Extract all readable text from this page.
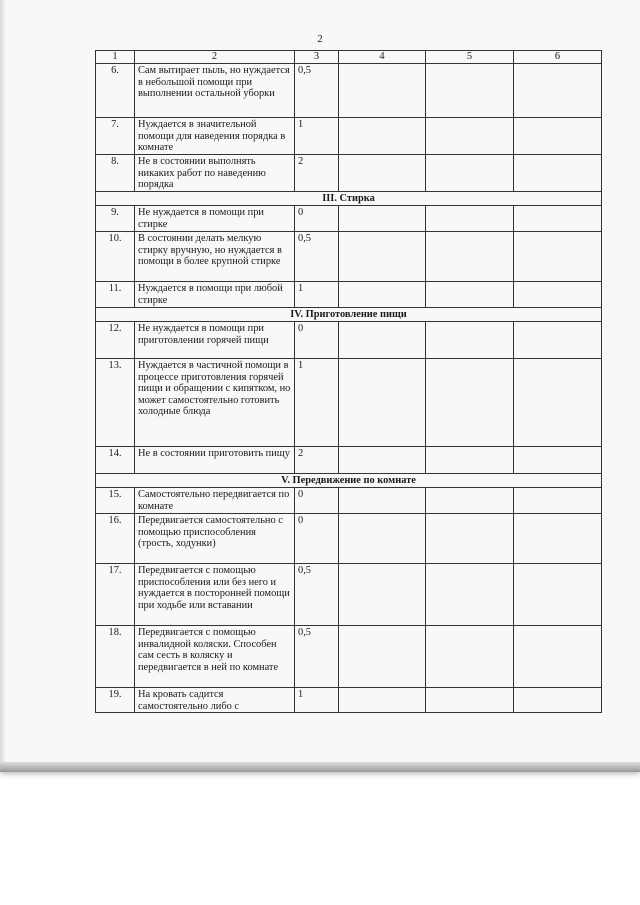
2
1	2	3	4	5	6
6.	Сам вытирает пыль, но нуждается в небольшой помощи при выполнении остальной уборки	0,5			
7.	Нуждается в значительной помощи для наведения порядка в комнате	1			
8.	Не в состоянии выполнять никаких работ по наведению порядка	2			
III. Стирка					
9.	Не нуждается в помощи при стирке	0			
10.	В состоянии делать мелкую стирку вручную, но нуждается в помощи в более крупной стирке	0,5			
11.	Нуждается в помощи при любой стирке	1			
IV. Приготовление пищи					
12.	Не нуждается в помощи при приготовлении горячей пищи	0			
13.	Нуждается в частичной помощи в процессе приготовления горячей пищи и обращении с кипятком, но может самостоятельно готовить холодные блюда	1			
14.	Не в состоянии приготовить пищу	2			
V. Передвижение по комнате					
15.	Самостоятельно передвигается по комнате	0			
16.	Передвигается самостоятельно с помощью приспособления (трость, ходунки)	0			
17.	Передвигается с помощью приспособления или без него и нуждается в посторонней помощи при ходьбе или вставании	0,5			
18.	Передвигается с помощью инвалидной коляски. Способен сам сесть в коляску и передвигается в ней по комнате	0,5			
19.	На кровать садится самостоятельно либо с	1			
